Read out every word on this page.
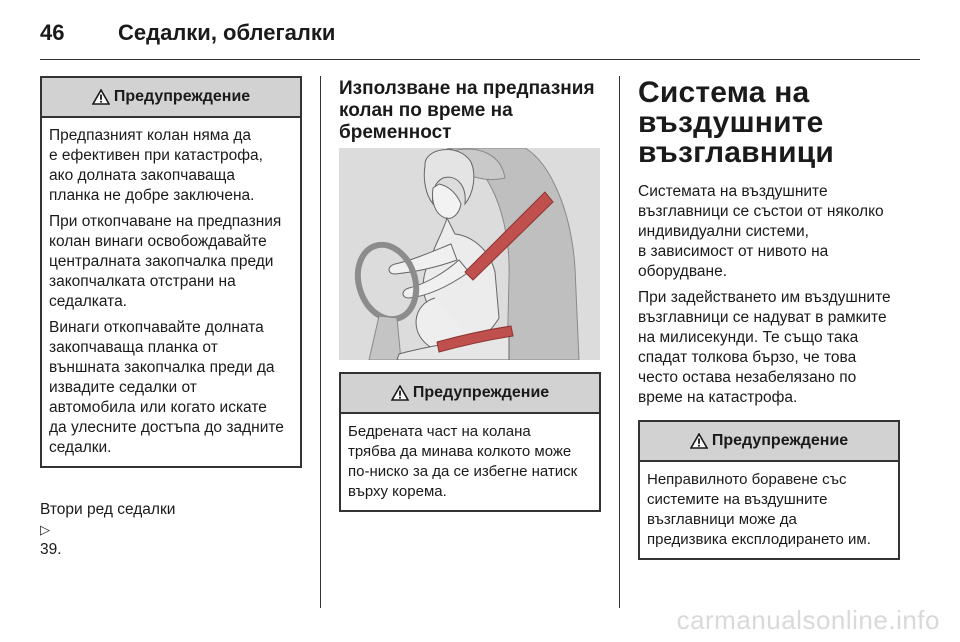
46 Седалки, облегалки
Предупреждение

Предпазният колан няма да
е ефективен при катастрофа,
ако долната закопчаваща
планка не добре заключена.

При откопчаване на предпазния
колан винаги освобождавайте
централната закопчалка преди
закопчалката отстрани на
седалката.

Винаги откопчавайте долната
закопчаваща планка от
външната закопчалка преди да
извадите седалки от
автомобила или когато искате
да улесните достъпа до задните
седалки.

Втори ред седалки
▷
39.

Използване на предпазния
колан по време на
бременност

Предупреждение

Бедрената част на колана
трябва да минава колкото може
по-ниско за да се избегне натиск
върху корема.

Система на
въздушните
възглавници

Системата на въздушните
възглавници се състои от няколко
индивидуални системи,
в зависимост от нивото на
оборудване.

При задействането им въздушните
възглавници се надуват в рамките
на милисекунди. Те също така
спадат толкова бързо, че това
често остава незабелязано по
време на катастрофа.

Предупреждение

Неправилното боравене със
системите на въздушните
възглавници може да
предизвика експлодирането им.

carmanualsonline.info
